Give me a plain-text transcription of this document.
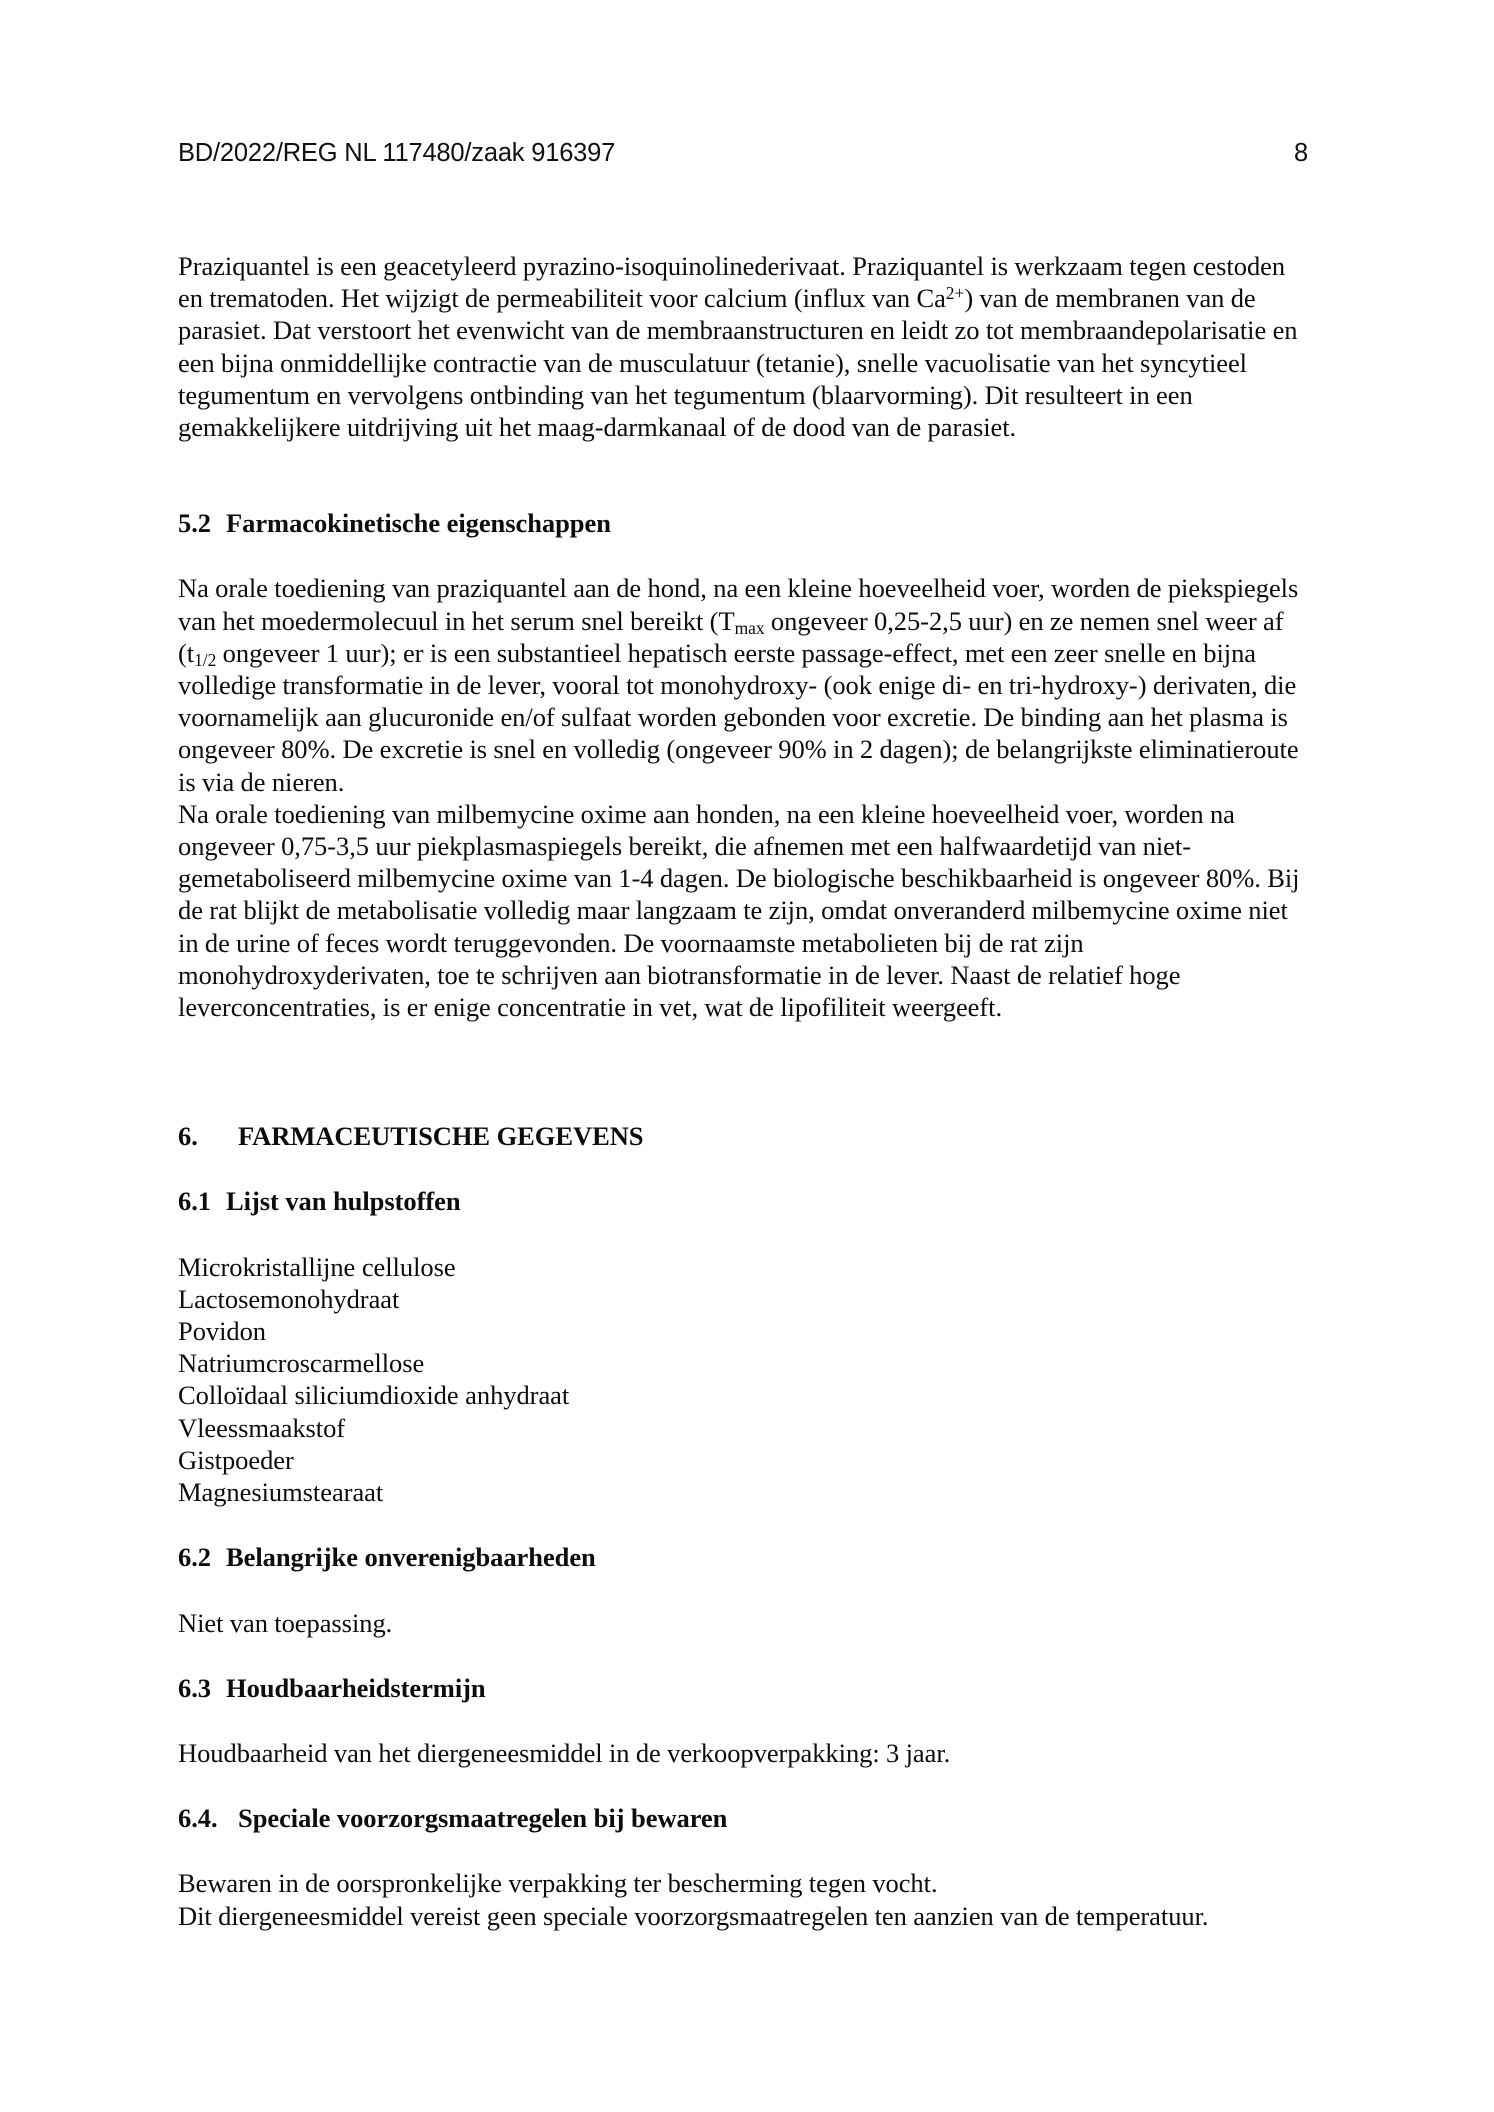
BD/2022/REG NL 117480/zaak 916397	8

Praziquantel is een geacetyleerd pyrazino-isoquinolinederivaat. Praziquantel is werkzaam tegen cestoden en trematoden. Het wijzigt de permeabiliteit voor calcium (influx van $Ca^{2+}$) van de membranen van de parasiet. Dat verstoort het evenwicht van de membraanstructuren en leidt zo tot membraandepolarisatie en een bijna onmiddellijke contractie van de musculatuur (tetanie), snelle vacuolisatie van het syncytieel tegumentum en vervolgens ontbinding van het tegumentum (blaarvorming). Dit resulteert in een gemakkelijkere uitdrijving uit het maag-darmkanaal of de dood van de parasiet.

5.2 Farmacokinetische eigenschappen

Na orale toediening van praziquantel aan de hond, na een kleine hoeveelheid voer, worden de piekspiegels van het moedermolecuul in het serum snel bereikt ($T_{max}$ ongeveer 0,25-2,5 uur) en ze nemen snel weer af ($t_{1/2}$ ongeveer 1 uur); er is een substantieel hepatisch eerste passage-effect, met een zeer snelle en bijna volledige transformatie in de lever, vooral tot monohydroxy- (ook enige di- en tri-hydroxy-) derivaten, die voornamelijk aan glucuronide en/of sulfaat worden gebonden voor excretie. De binding aan het plasma is ongeveer 80%. De excretie is snel en volledig (ongeveer 90% in 2 dagen); de belangrijkste eliminatieroute is via de nieren.

Na orale toediening van milbemycine oxime aan honden, na een kleine hoeveelheid voer, worden na ongeveer 0,75-3,5 uur piekplasmaspiegels bereikt, die afnemen met een halfwaardetijd van niet-gemetaboliseerd milbemycine oxime van 1-4 dagen. De biologische beschikbaarheid is ongeveer 80%. Bij de rat blijkt de metabolisatie volledig maar langzaam te zijn, omdat onveranderd milbemycine oxime niet in de urine of feces wordt teruggevonden. De voornaamste metabolieten bij de rat zijn monohydroxyderivaten, toe te schrijven aan biotransformatie in de lever. Naast de relatief hoge leverconcentraties, is er enige concentratie in vet, wat de lipofiliteit weergeeft.

6.	FARMACEUTISCHE GEGEVENS
6.1 Lijst van hulpstoffen
Microkristallijne cellulose
Lactosemonohydraat
Povidon
Natriumcroscarmellose
Colloïdaal siliciumdioxide anhydraat
Vleessmaakstof
Gistpoeder
Magnesiumstearaat
6.2 Belangrijke onverenigbaarheden

Niet van toepassing.

6.3 Houdbaarheidstermijn

Houdbaarheid van het diergeneesmiddel in de verkoopverpakking: 3 jaar.

6.4. Speciale voorzorgsmaatregelen bij bewaren

Bewaren in de oorspronkelijke verpakking ter bescherming tegen vocht.

Dit diergeneesmiddel vereist geen speciale voorzorgsmaatregelen ten aanzien van de temperatuur.
